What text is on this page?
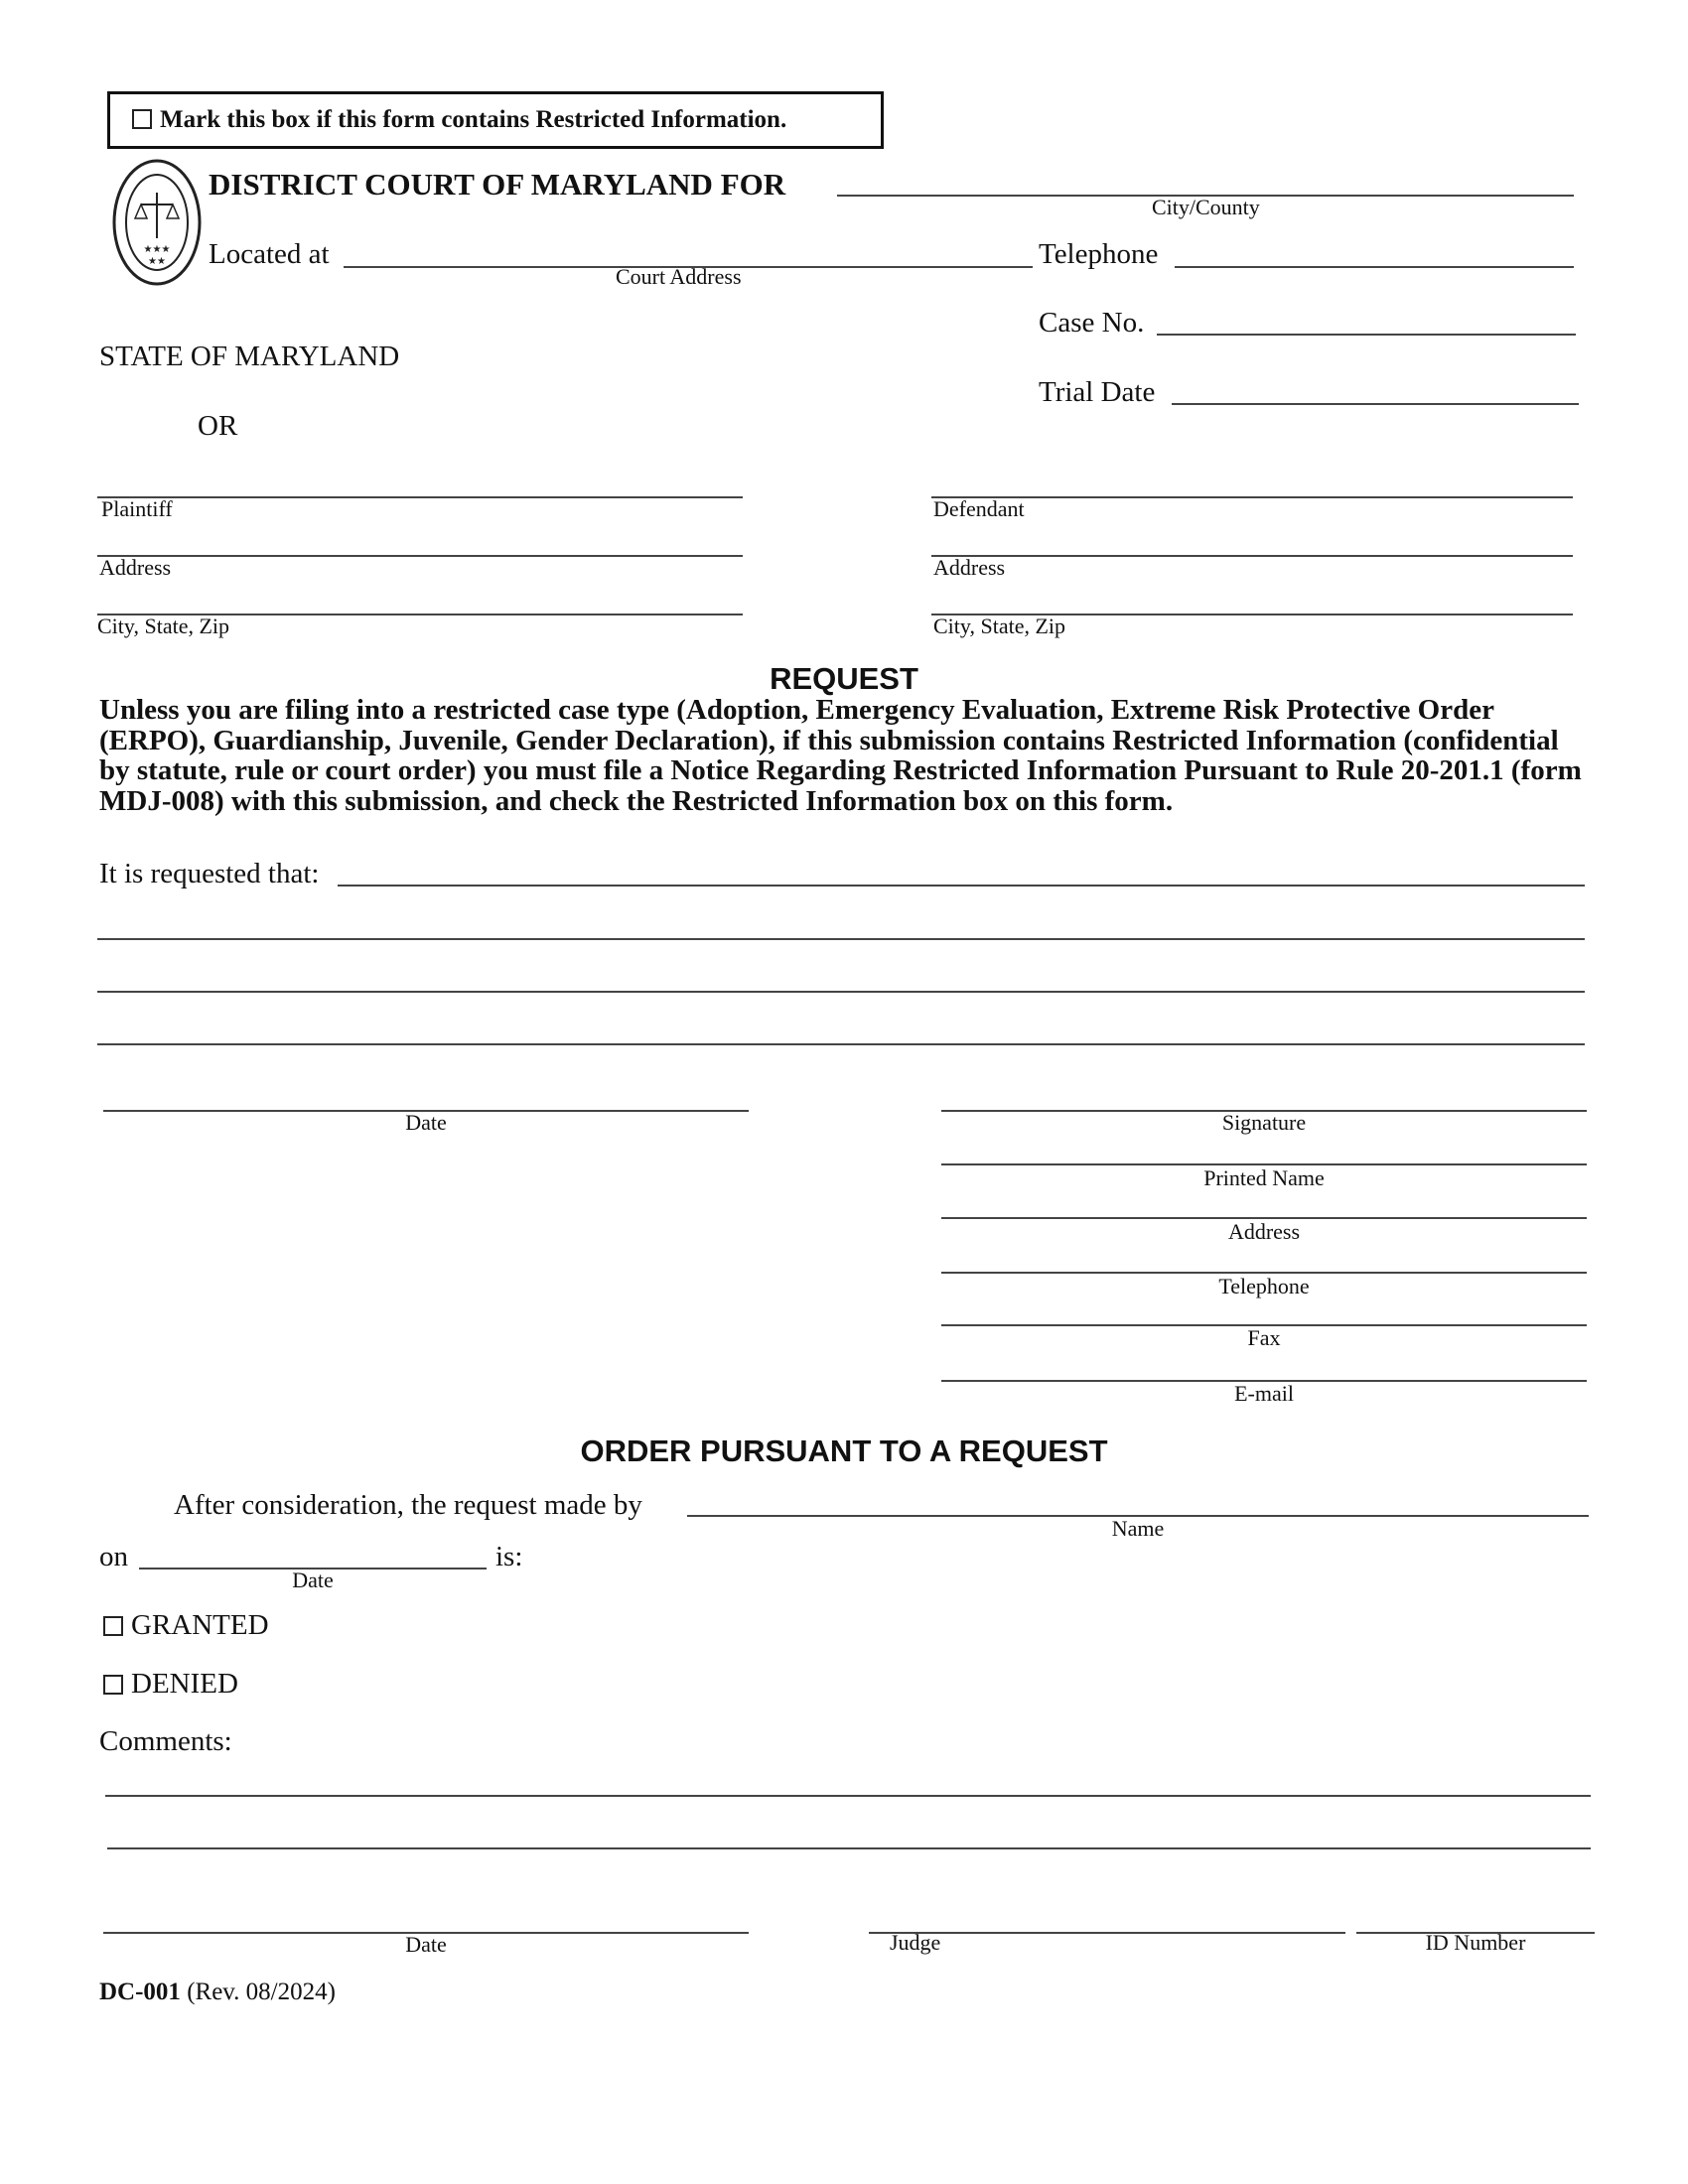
Mark this box if this form contains Restricted Information.
★★★
★★
DISTRICT COURT OF MARYLAND FOR
City/County
Located at
Court Address
Telephone
Case No.
STATE OF MARYLAND
Trial Date
OR
Plaintiff
Address
City, State, Zip
Defendant
Address
City, State, Zip
REQUEST
Unless you are filing into a restricted case type (Adoption, Emergency Evaluation, Extreme Risk Protective Order (ERPO), Guardianship, Juvenile, Gender Declaration), if this submission contains Restricted Information (confidential by statute, rule or court order) you must file a Notice Regarding Restricted Information Pursuant to Rule 20-201.1 (form MDJ-008) with this submission, and check the Restricted Information box on this form.
It is requested that:
Date	Signature
Printed Name
Address
Telephone
Fax
E-mail
ORDER PURSUANT TO A REQUEST
After consideration, the request made by
Name
on
Date
is:
GRANTED
DENIED
Comments:
Date	Judge	ID Number
DC-001 (Rev. 08/2024)
